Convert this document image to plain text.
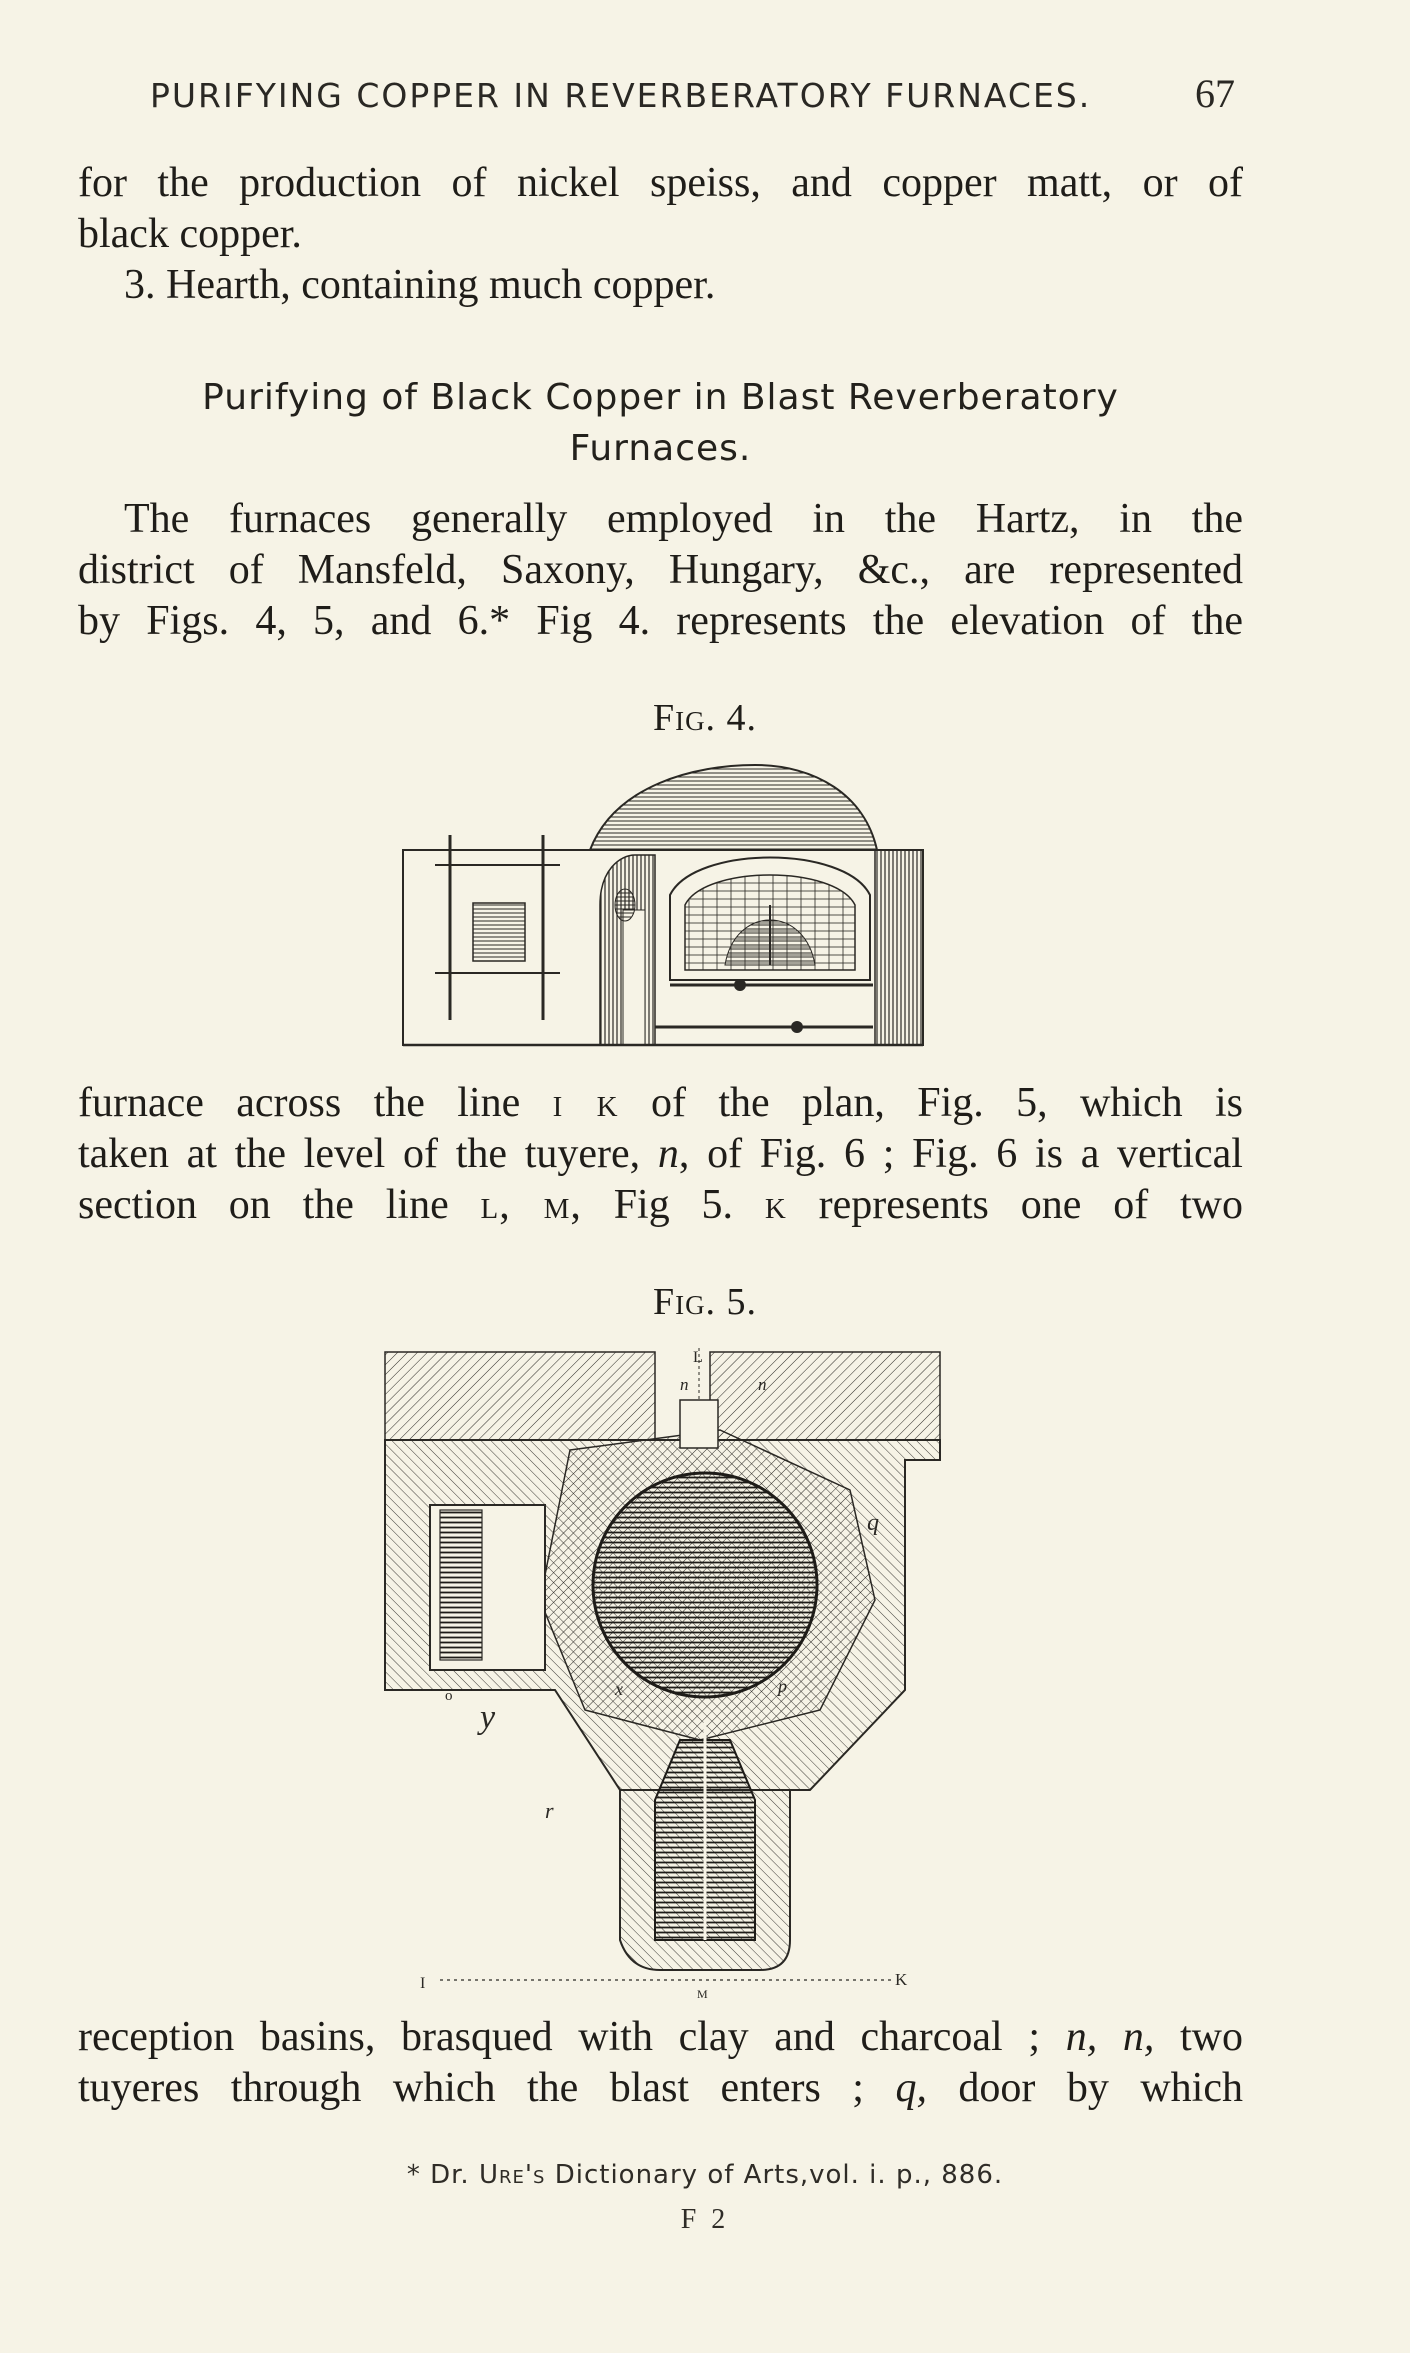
PURIFYING COPPER IN REVERBERATORY FURNACES.	67
for the production of nickel speiss, and copper matt, or of
black copper.
3. Hearth, containing much copper.
Purifying of Black Copper in Blast Reverberatory
Furnaces.
The furnaces generally employed in the Hartz, in the
district of Mansfeld, Saxony, Hungary, &c., are represented
by Figs. 4, 5, and 6.* Fig 4. represents the elevation of the
Fig. 4.
furnace across the line i k of the plan, Fig. 5, which is
taken at the level of the tuyere, n, of Fig. 6 ; Fig. 6 is a vertical
section on the line l, m, Fig 5. k represents one of two
Fig. 5.
L
n	n
q
o
y
x	p
r
I	K
M
reception basins, brasqued with clay and charcoal ; n, n, two
tuyeres through which the blast enters ; q, door by which
* Dr. Ure's Dictionary of Arts,vol. i. p., 886.
F 2
